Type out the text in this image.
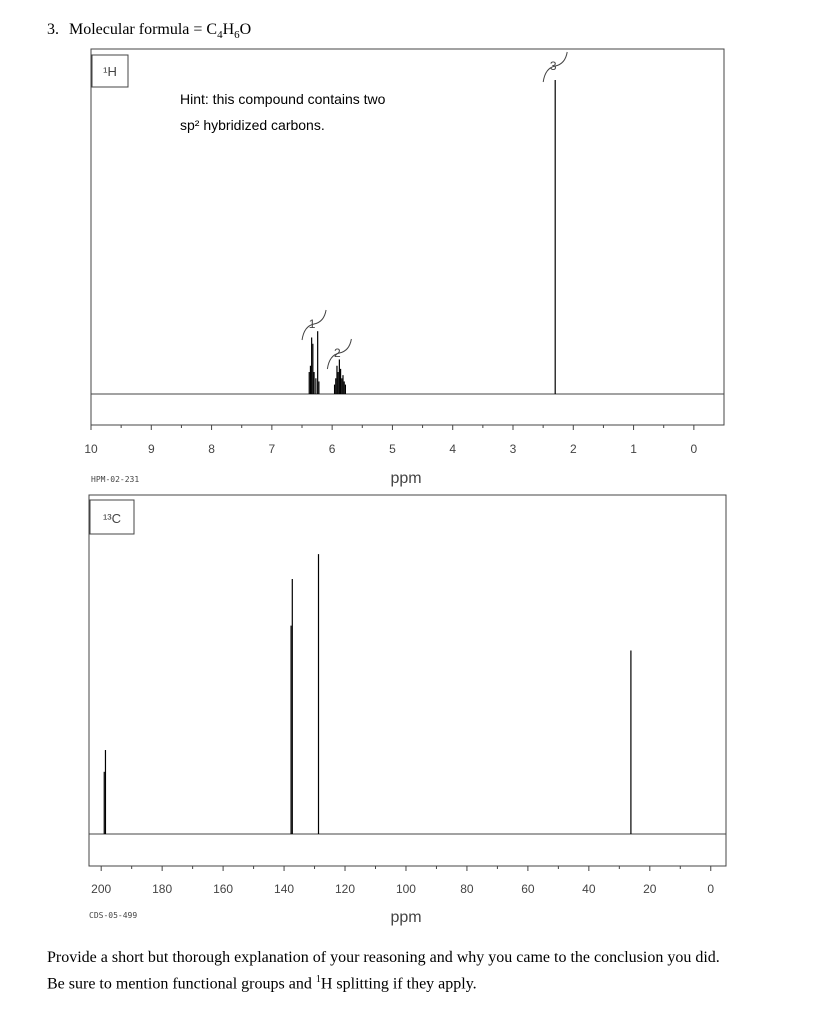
3. Molecular formula = $C_4H_6O$
¹H
Hint: this compound contains two
sp² hybridized carbons.
1
2
3
10	9	8	7	6	5	4	3	2	1	0
ppm
HPM-02-231
¹³C
200	180	160	140	120	100	80	60	40	20	0
ppm
CDS-05-499
Provide a short but thorough explanation of your reasoning and why you came to the conclusion you did.
Be sure to mention functional groups and $^1$H splitting if they apply.
